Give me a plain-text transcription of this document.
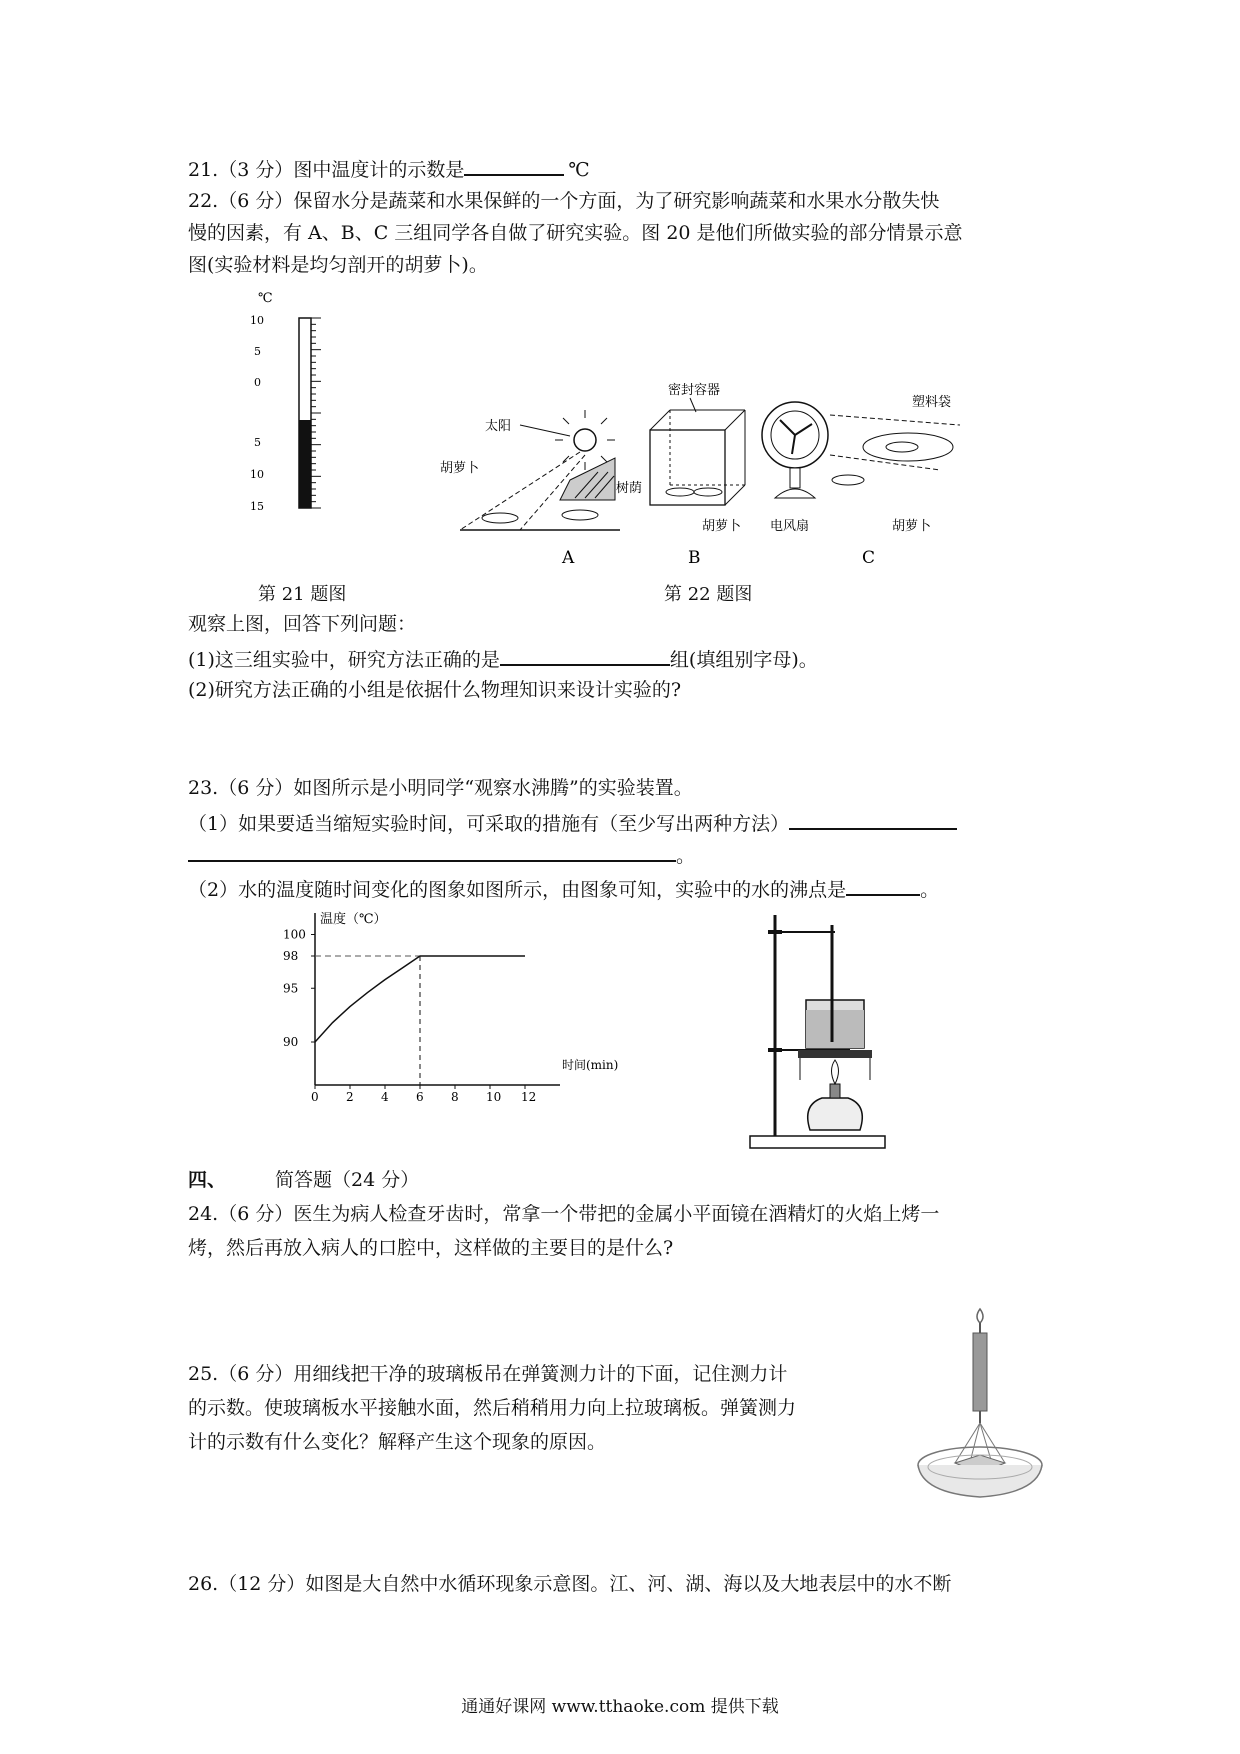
21.（3 分）图中温度计的示数是	℃
22.（6 分）保留水分是蔬菜和水果保鲜的一个方面，为了研究影响蔬菜和水果水分散失快
慢的因素，有 A、B、C 三组同学各自做了研究实验。图 20 是他们所做实验的部分情景示意
图(实验材料是均匀剖开的胡萝卜)。
℃
10
5
0
5
10
15
太阳
树荫
胡萝卜
A
密封容器
胡萝卜
B
电风扇
塑料袋
胡萝卜
C
第 21 题图	第 22 题图
观察上图，回答下列问题：
(1)这三组实验中，研究方法正确的是	组(填组别字母)。
(2)研究方法正确的小组是依据什么物理知识来设计实验的?
23.（6 分）如图所示是小明同学“观察水沸腾”的实验装置。
（1）如果要适当缩短实验时间，可采取的措施有（至少写出两种方法）
。
（2）水的温度随时间变化的图象如图所示，由图象可知，实验中的水的沸点是	。
温度（℃）
时间(min)
0 2 4 6 8 10 12
90
95
98
100
四、	简答题（24 分）
24.（6 分）医生为病人检查牙齿时，常拿一个带把的金属小平面镜在酒精灯的火焰上烤一
烤，然后再放入病人的口腔中，这样做的主要目的是什么?
25.（6 分）用细线把干净的玻璃板吊在弹簧测力计的下面，记住测力计
的示数。使玻璃板水平接触水面，然后稍稍用力向上拉玻璃板。弹簧测力
计的示数有什么变化？解释产生这个现象的原因。
26.（12 分）如图是大自然中水循环现象示意图。江、河、湖、海以及大地表层中的水不断
通通好课网 www.tthaoke.com 提供下载
